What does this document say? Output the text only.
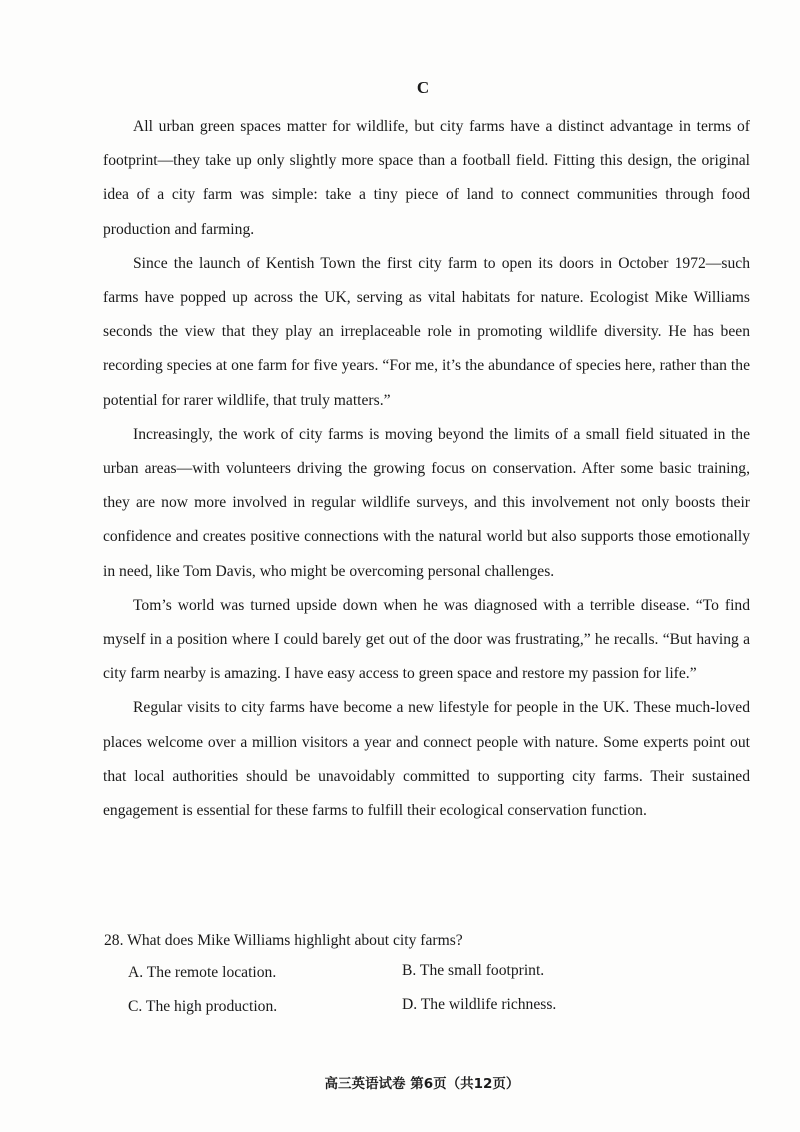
C

All urban green spaces matter for wildlife, but city farms have a distinct advantage in terms of footprint—they take up only slightly more space than a football field. Fitting this design, the original idea of a city farm was simple: take a tiny piece of land to connect communities through food production and farming.

Since the launch of Kentish Town the first city farm to open its doors in October 1972—such farms have popped up across the UK, serving as vital habitats for nature. Ecologist Mike Williams seconds the view that they play an irreplaceable role in promoting wildlife diversity. He has been recording species at one farm for five years. “For me, it’s the abundance of species here, rather than the potential for rarer wildlife, that truly matters.”

Increasingly, the work of city farms is moving beyond the limits of a small field situated in the urban areas—with volunteers driving the growing focus on conservation. After some basic training, they are now more involved in regular wildlife surveys, and this involvement not only boosts their confidence and creates positive connections with the natural world but also supports those emotionally in need, like Tom Davis, who might be overcoming personal challenges.

Tom’s world was turned upside down when he was diagnosed with a terrible disease. “To find myself in a position where I could barely get out of the door was frustrating,” he recalls. “But having a city farm nearby is amazing. I have easy access to green space and restore my passion for life.”

Regular visits to city farms have become a new lifestyle for people in the UK. These much-loved places welcome over a million visitors a year and connect people with nature. Some experts point out that local authorities should be unavoidably committed to supporting city farms. Their sustained engagement is essential for these farms to fulfill their ecological conservation function.

28. What does Mike Williams highlight about city farms?
A. The remote location.	B. The small footprint.
C. The high production.	D. The wildlife richness.
高三英语试卷 第6页（共12页）
